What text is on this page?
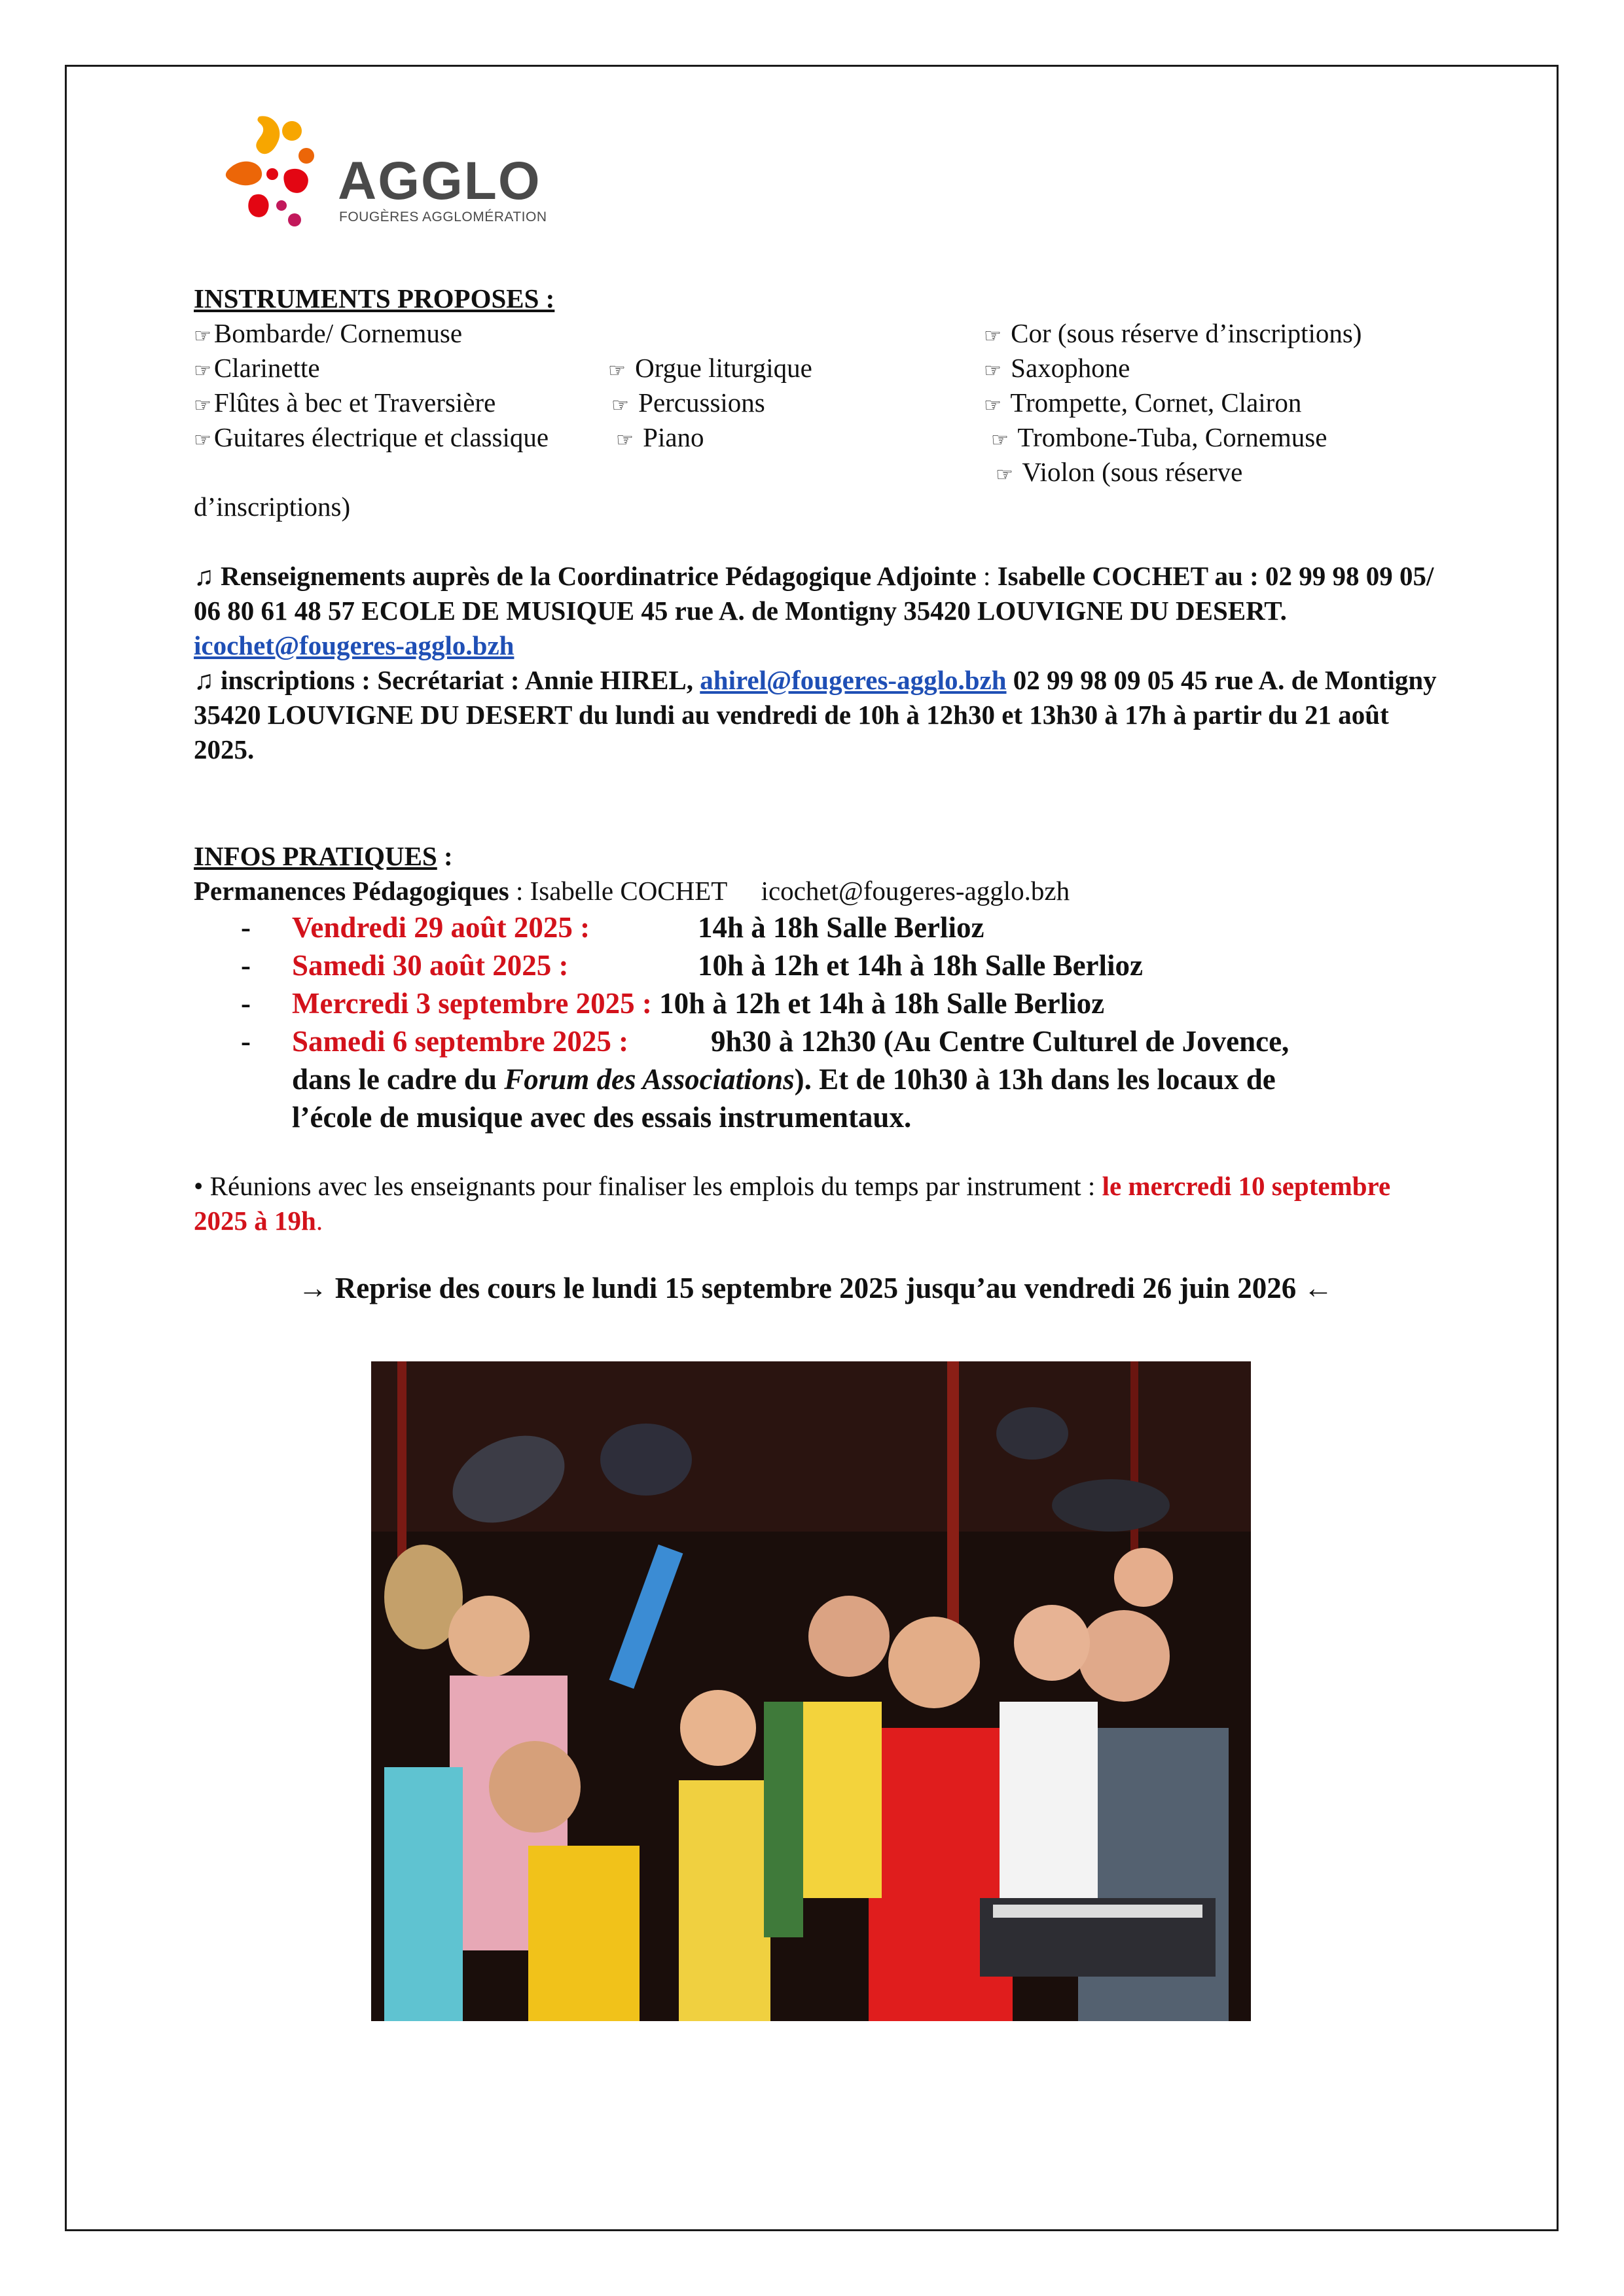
AGGLO
FOUGÈRES AGGLOMÉRATION
INSTRUMENTS PROPOSES :
☞Bombarde/ Cornemuse	☞ Cor (sous réserve d’inscriptions)
☞Clarinette	☞ Orgue liturgique	☞ Saxophone
☞Flûtes à bec et Traversière	☞ Percussions	☞ Trompette, Cornet, Clairon
☞Guitares électrique et classique	☞ Piano	☞ Trombone-Tuba, Cornemuse
☞ Violon (sous réserve
d’inscriptions)
♫ Renseignements auprès de la Coordinatrice Pédagogique Adjointe : Isabelle COCHET au : 02 99 98 09 05/ 06 80 61 48 57 ECOLE DE MUSIQUE 45 rue A. de Montigny 35420 LOUVIGNE DU DESERT.   icochet@fougeres-agglo.bzh
♫ inscriptions : Secrétariat : Annie HIREL, ahirel@fougeres-agglo.bzh 02 99 98 09 05 45 rue A. de Montigny 35420 LOUVIGNE DU DESERT du lundi au vendredi de 10h à 12h30 et 13h30 à 17h à partir du 21 août 2025.
INFOS PRATIQUES :
Permanences Pédagogiques : Isabelle COCHET icochet@fougeres-agglo.bzh
- Vendredi 29 août 2025 :	14h à 18h Salle Berlioz
- Samedi 30 août 2025 :	10h à 12h et 14h à 18h Salle Berlioz
- Mercredi 3 septembre 2025 : 10h à 12h et 14h à 18h Salle Berlioz
- Samedi 6 septembre 2025 :	9h30 à 12h30 (Au Centre Culturel de Jovence,
dans le cadre du Forum des Associations). Et de 10h30 à 13h dans les locaux de
l’école de musique avec des essais instrumentaux.
• Réunions avec les enseignants pour finaliser les emplois du temps par instrument : le mercredi 10 septembre 2025 à 19h.
→ Reprise des cours le lundi 15 septembre 2025 jusqu’au vendredi 26 juin 2026 ←
